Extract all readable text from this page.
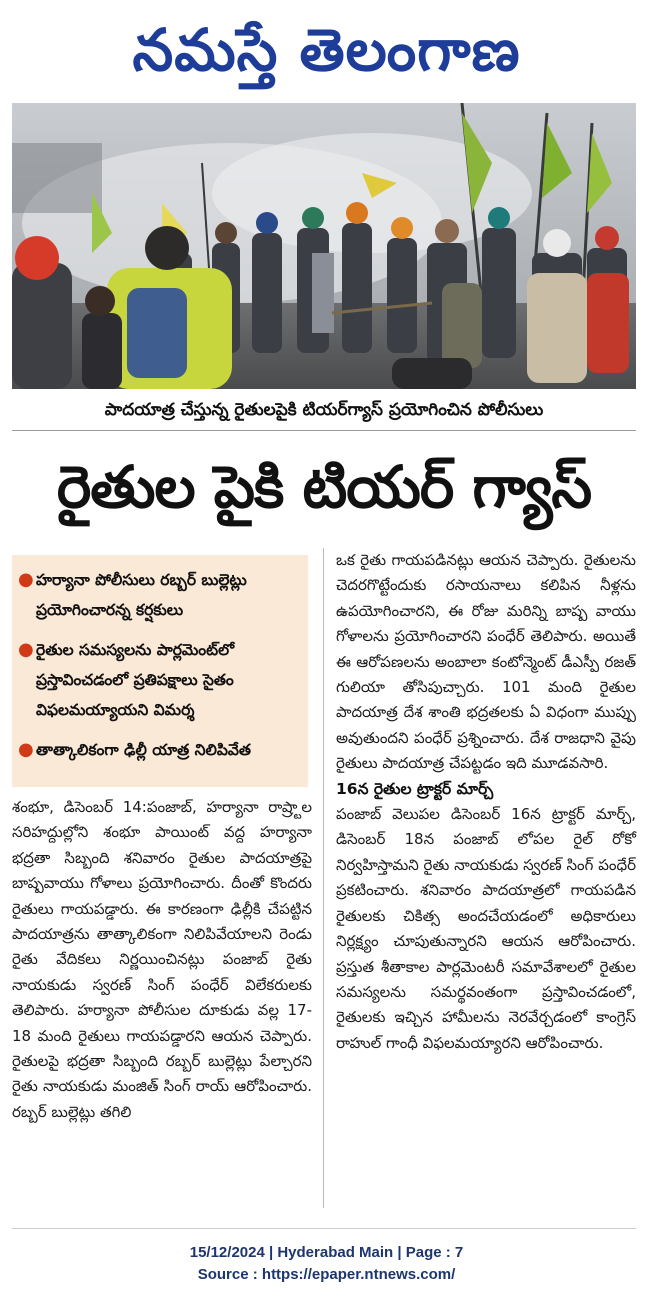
నమస్తే తెలంగాణ
పాదయాత్ర చేస్తున్న రైతులపైకి టియర్‌గ్యాస్ ప్రయోగించిన పోలీసులు
రైతుల పైకి టియర్ గ్యాస్
● హర్యానా పోలీసులు రబ్బర్ బుల్లెట్లు ప్రయోగించారన్న కర్షకులు
● రైతుల సమస్యలను పార్లమెంట్‌లో ప్రస్తావించడంలో ప్రతిపక్షాలు సైతం విఫలమయ్యాయని విమర్శ
● తాత్కాలికంగా ఢిల్లీ యాత్ర నిలిపివేత
శంభూ, డిసెంబర్ 14:పంజాబ్, హర్యానా రాష్ర్టాల సరిహద్దుల్లోని శంభూ పాయింట్ వద్ద హర్యానా భద్రతా సిబ్బంది శనివారం రైతుల పాదయాత్రపై బాష్పవాయు గోళాలు ప్రయోగించారు. దీంతో కొందరు రైతులు గాయపడ్డారు. ఈ కారణంగా ఢిల్లీకి చేపట్టిన పాదయాత్రను తాత్కాలికంగా నిలిపివేయాలని రెండు రైతు వేదికలు నిర్ణయించినట్లు పంజాబ్ రైతు నాయకుడు స్వరణ్ సింగ్ పంధేర్ విలేకరులకు తెలిపారు. హర్యానా పోలీసుల దూకుడు వల్ల 17-18 మంది రైతులు గాయపడ్డారని ఆయన చెప్పారు. రైతులపై భద్రతా సిబ్బంది రబ్బర్ బుల్లెట్లు పేల్చారని రైతు నాయకుడు మంజిత్ సింగ్ రాయ్ ఆరోపించారు. రబ్బర్ బుల్లెట్లు తగిలి
ఒక రైతు గాయపడినట్లు ఆయన చెప్పారు. రైతులను చెదరగొట్టేందుకు రసాయనాలు కలిపిన నీళ్లను ఉపయోగించారని, ఈ రోజు మరిన్ని బాష్ప వాయు గోళాలను ప్రయోగించారని పంధేర్ తెలిపారు. అయితే ఈ ఆరోపణలను అంబాలా కంటోన్మెంట్ డీఎస్పీ రజత్ గులియా తోసిపుచ్చారు. 101 మంది రైతుల పాదయాత్ర దేశ శాంతి భద్రతలకు ఏ విధంగా ముప్పు అవుతుందని పంధేర్ ప్రశ్నించారు. దేశ రాజధాని వైపు రైతులు పాదయాత్ర చేపట్టడం ఇది మూడవసారి.
16న రైతుల ట్రాక్టర్ మార్చ్
పంజాబ్ వెలుపల డిసెంబర్ 16న ట్రాక్టర్ మార్చ్, డిసెంబర్ 18న పంజాబ్ లోపల రైల్ రోకో నిర్వహిస్తామని రైతు నాయకుడు స్వరణ్ సింగ్ పంధేర్ ప్రకటించారు. శనివారం పాదయాత్రలో గాయపడిన రైతులకు చికిత్స అందచేయడంలో అధికారులు నిర్లక్ష్యం చూపుతున్నారని ఆయన ఆరోపించారు. ప్రస్తుత శీతాకాల పార్లమెంటరీ సమావేశాలలో రైతుల సమస్యలను సమర్థవంతంగా ప్రస్తావించడంలో, రైతులకు ఇచ్చిన హామీలను నెరవేర్చడంలో కాంగ్రెస్ రాహుల్ గాంధీ విఫలమయ్యారని ఆరోపించారు.
15/12/2024 | Hyderabad Main | Page : 7
Source : https://epaper.ntnews.com/
